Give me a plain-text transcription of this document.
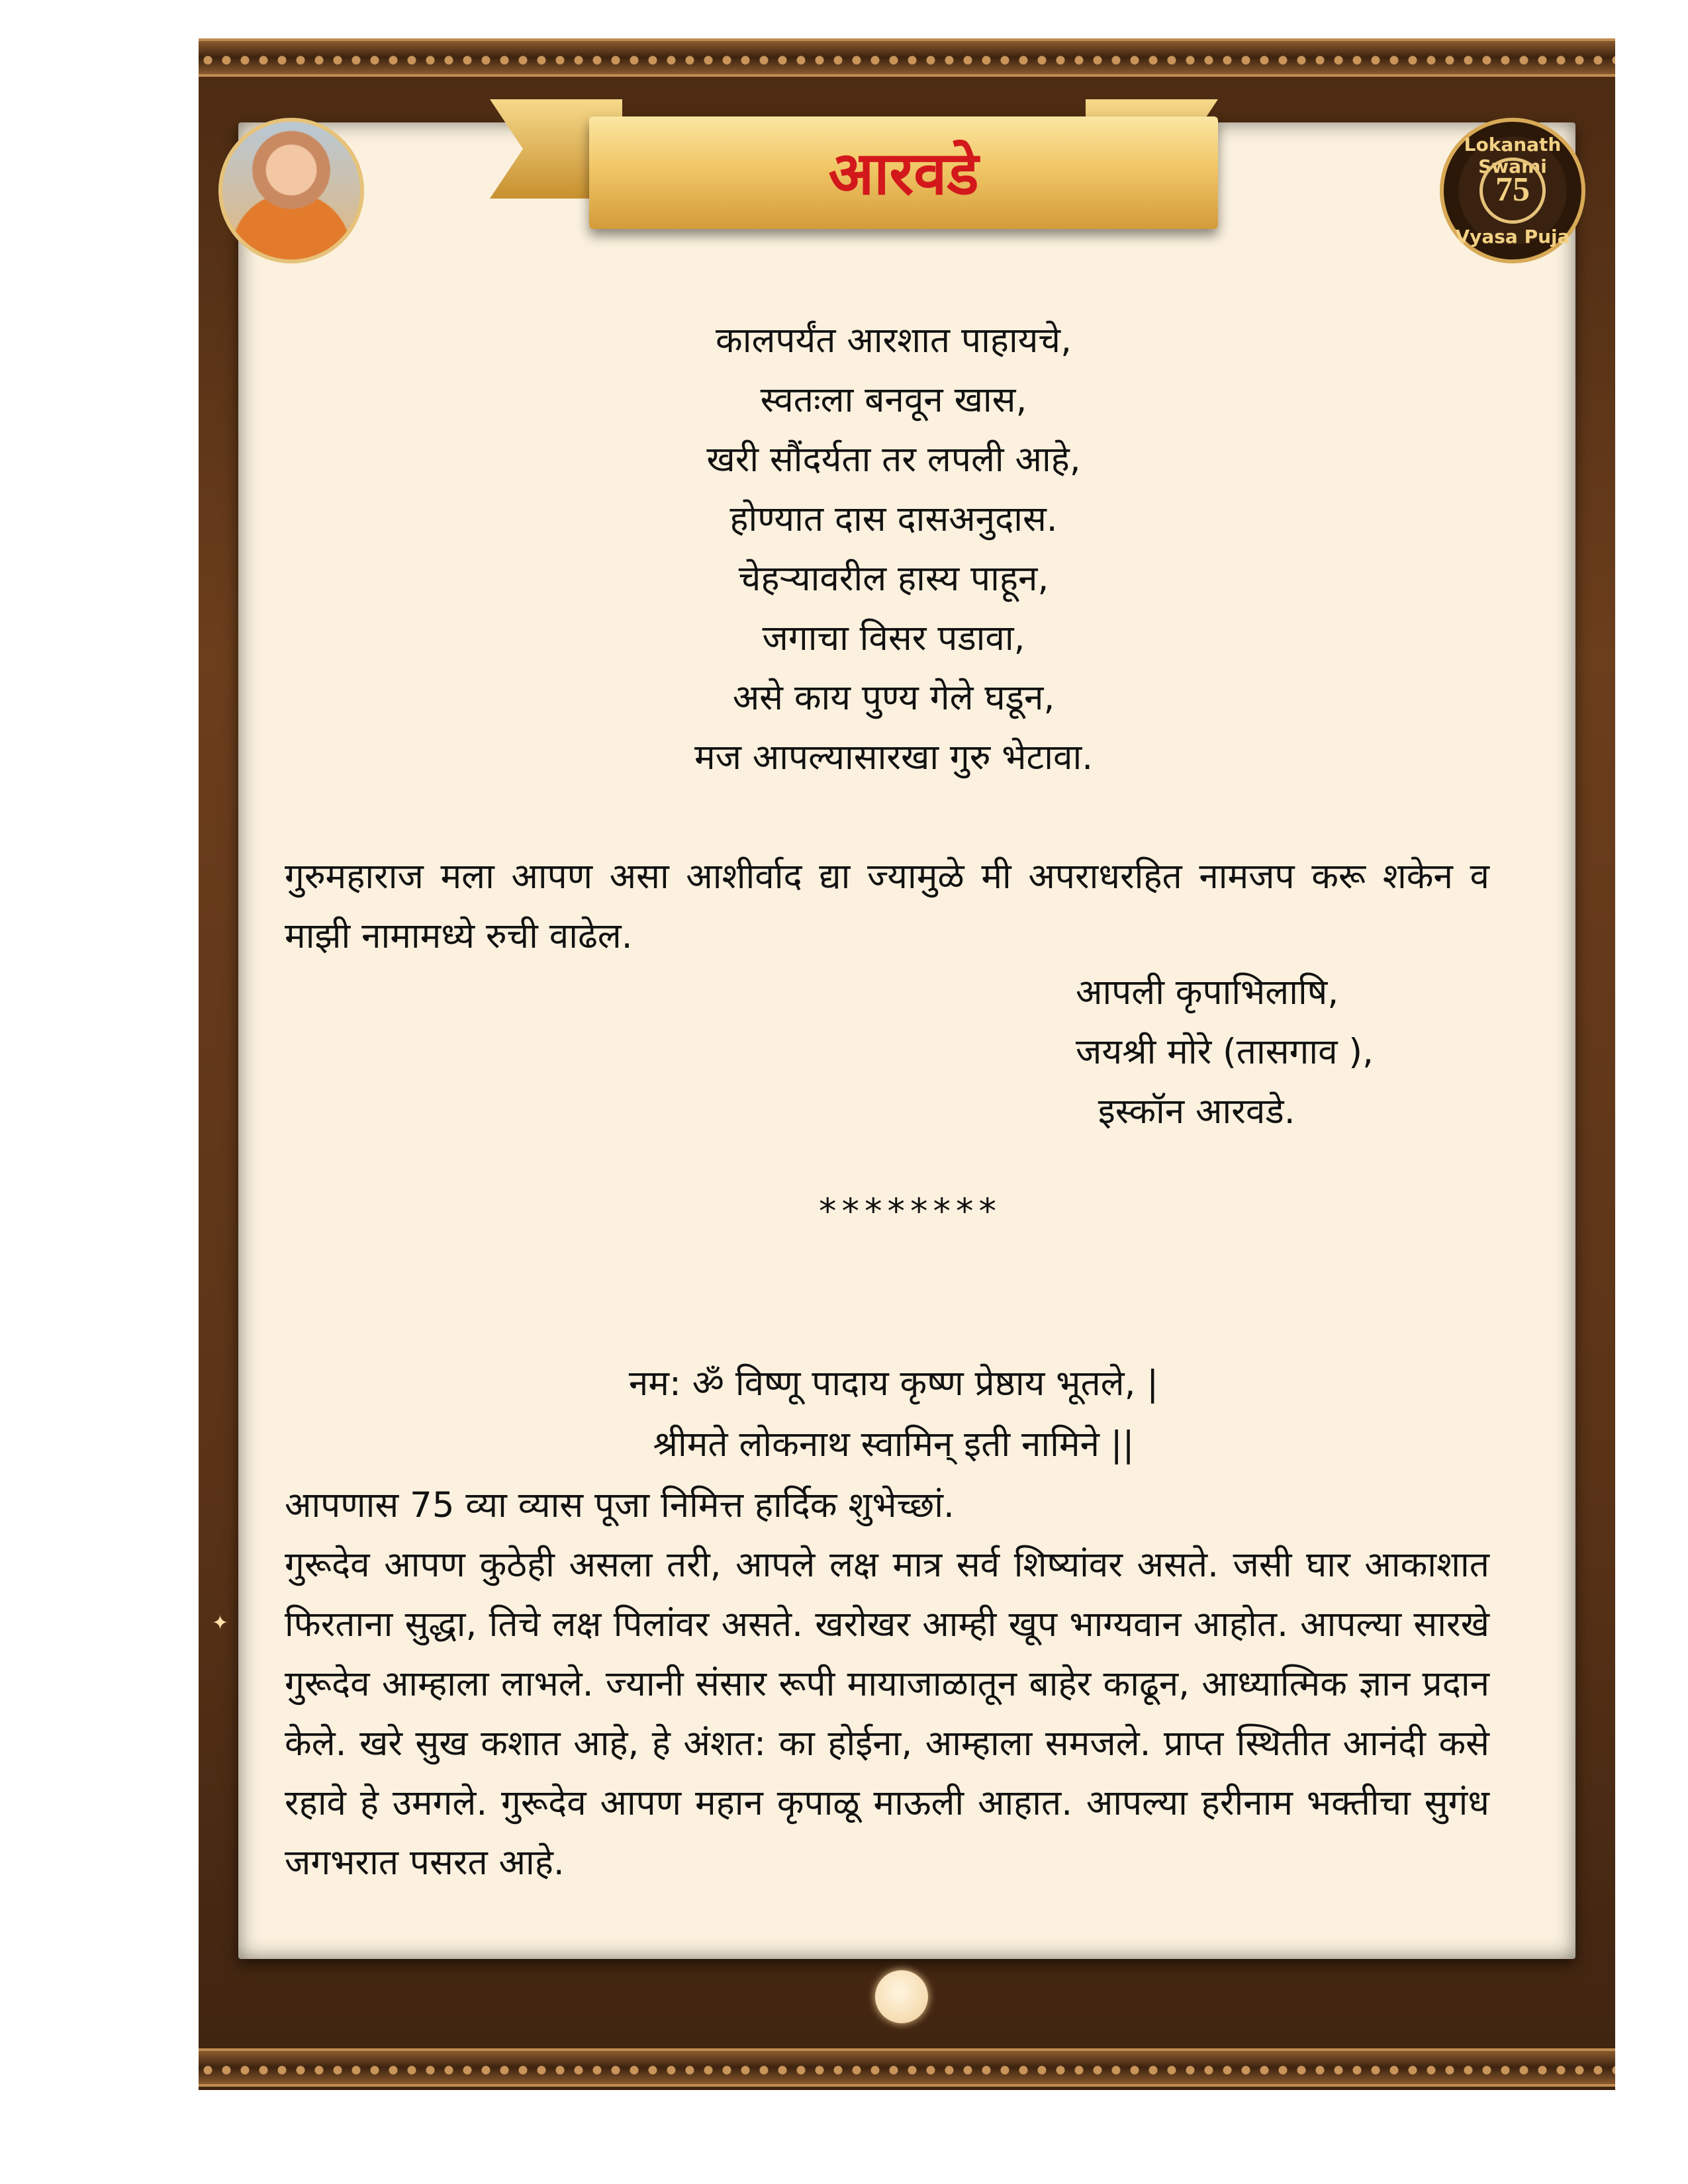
आरवडे	Lokanath Swami
75
Vyasa Puja
कालपर्यंत आरशात पाहायचे,
स्वतःला बनवून खास,
खरी सौंदर्यता तर लपली आहे,
होण्यात दास दासअनुदास.
चेहऱ्यावरील हास्य पाहून,
जगाचा विसर पडावा,
असे काय पुण्य गेले घडून,
मज आपल्यासारखा गुरु भेटावा.
गुरुमहाराज मला आपण असा आशीर्वाद द्या ज्यामुळे मी अपराधरहित नामजप करू शकेन व माझी नामामध्ये रुची वाढेल.
आपली कृपाभिलाषि,
जयश्री मोरे (तासगाव ),
इस्कॉन आरवडे.
********
नम: ॐ विष्णू पादाय कृष्ण प्रेष्ठाय भूतले, |
श्रीमते लोकनाथ स्वामिन् इती नामिने ||
आपणास 75 व्या व्यास पूजा निमित्त हार्दिक शुभेच्छां.
गुरूदेव आपण कुठेही असला तरी, आपले लक्ष मात्र सर्व शिष्यांवर असते. जसी घार आकाशात फिरताना सुद्धा, तिचे लक्ष पिलांवर असते. खरोखर आम्ही खूप भाग्यवान आहोत. आपल्या सारखे गुरूदेव आम्हाला लाभले. ज्यानी संसार रूपी मायाजाळातून बाहेर काढून, आध्यात्मिक ज्ञान प्रदान केले. खरे सुख कशात आहे, हे अंशत: का होईना, आम्हाला समजले. प्राप्त स्थितीत आनंदी कसे रहावे हे उमगले. गुरूदेव आपण महान कृपाळू माऊली आहात. आपल्या हरीनाम भक्तीचा सुगंध जगभरात पसरत आहे.
✦
